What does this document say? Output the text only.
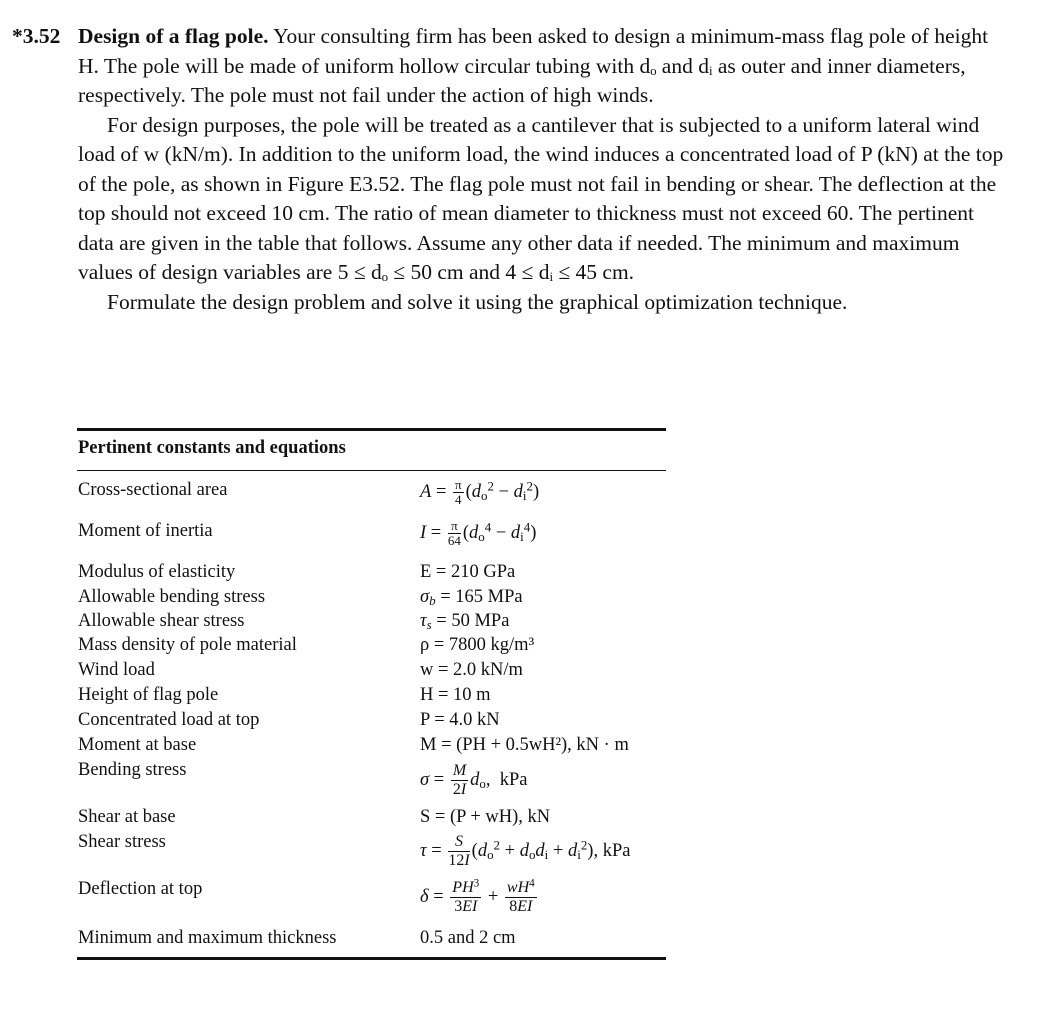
*3.52 Design of a flag pole. Your consulting firm has been asked to design a minimum-mass flag pole of height H. The pole will be made of uniform hollow circular tubing with dₒ and dᵢ as outer and inner diameters, respectively. The pole must not fail under the action of high winds.

For design purposes, the pole will be treated as a cantilever that is subjected to a uniform lateral wind load of w (kN/m). In addition to the uniform load, the wind induces a concentrated load of P (kN) at the top of the pole, as shown in Figure E3.52. The flag pole must not fail in bending or shear. The deflection at the top should not exceed 10 cm. The ratio of mean diameter to thickness must not exceed 60. The pertinent data are given in the table that follows. Assume any other data if needed. The minimum and maximum values of design variables are 5 ≤ dₒ ≤ 50 cm and 4 ≤ dᵢ ≤ 45 cm.

Formulate the design problem and solve it using the graphical optimization technique.

Pertinent constants and equations
Cross-sectional area	$A = \frac{\pi}{4} (d_o^2 - d_i^2)$
Moment of inertia	$I = \frac{\pi}{64} (d_o^4 - d_i^4)$
Modulus of elasticity	E = 210 GPa
Allowable bending stress	$\sigma_b = 165$ MPa
Allowable shear stress	$\tau_s = 50$ MPa
Mass density of pole material	ρ = 7800 kg/m³
Wind load	w = 2.0 kN/m
Height of flag pole	H = 10 m
Concentrated load at top	P = 4.0 kN
Moment at base	M = (PH + 0.5wH²), kN · m
Bending stress	$\sigma = \frac{M}{2I} d_o$,  kPa
Shear at base	S = (P + wH), kN
Shear stress	$\tau = \frac{S}{12I} (d_o^2 + d_od_i + d_i^2)$, kPa
Deflection at top	$\delta = \frac{PH^3}{3EI} + \frac{wH^4}{8EI}$
Minimum and maximum thickness	0.5 and 2 cm
